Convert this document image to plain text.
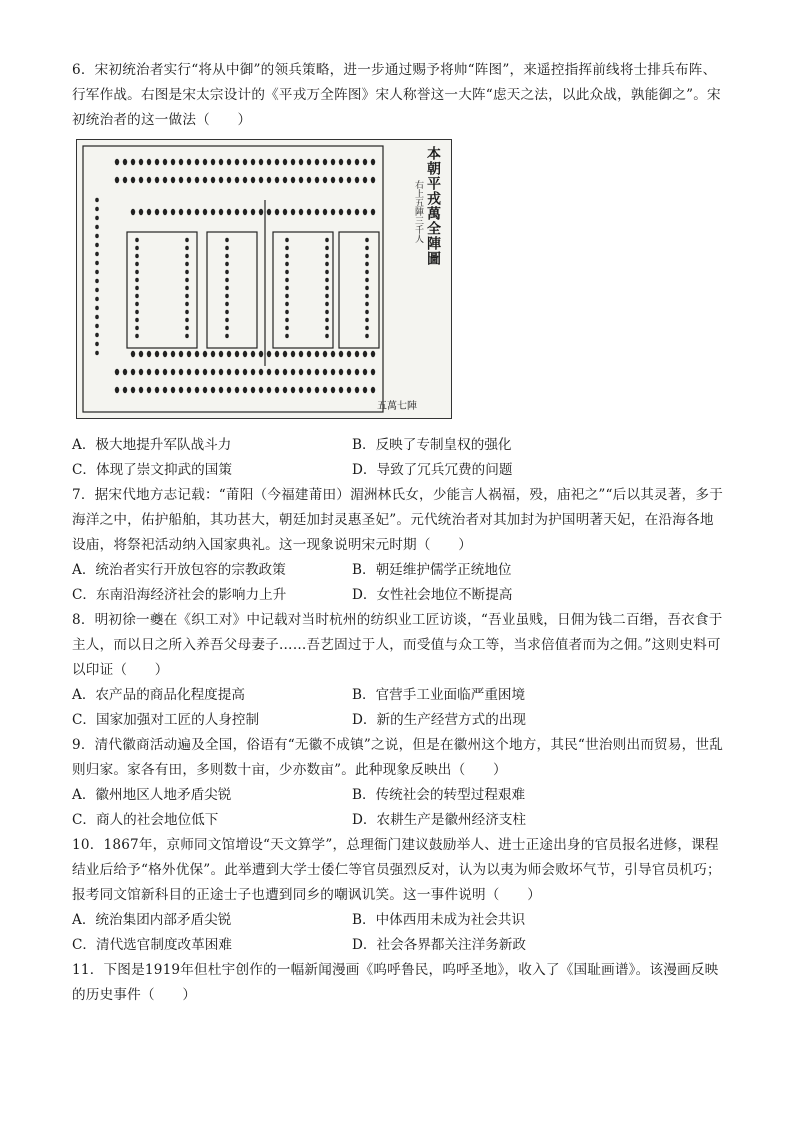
6．宋初统治者实行“将从中御”的领兵策略，进一步通过赐予将帅“阵图”，来遥控指挥前线将士排兵布阵、行军作战。右图是宋太宗设计的《平戎万全阵图》宋人称誉这一大阵“虑天之法，以此众战，孰能御之”。宋初统治者的这一做法（　　）

本朝平戎萬全陣圖
右上五陣三千人
五萬七陣
A．极大地提升军队战斗力	B．反映了专制皇权的强化
C．体现了崇文抑武的国策	D．导致了冗兵冗费的问题

7．据宋代地方志记载：“莆阳（今福建莆田）湄洲林氏女，少能言人祸福，殁，庙祀之”“后以其灵著，多于海洋之中，佑护船舶，其功甚大，朝廷加封灵惠圣妃”。元代统治者对其加封为护国明著天妃，在沿海各地设庙，将祭祀活动纳入国家典礼。这一现象说明宋元时期（　　）

A．统治者实行开放包容的宗教政策	B．朝廷维护儒学正统地位
C．东南沿海经济社会的影响力上升	D．女性社会地位不断提高

8．明初徐一夔在《织工对》中记载对当时杭州的纺织业工匠访谈，“吾业虽贱，日佣为钱二百缗，吾衣食于主人，而以日之所入养吾父母妻子……吾艺固过于人，而受值与众工等，当求倍值者而为之佣。”这则史料可以印证（　　）

A．农产品的商品化程度提高	B．官营手工业面临严重困境
C．国家加强对工匠的人身控制	D．新的生产经营方式的出现

9．清代徽商活动遍及全国，俗语有“无徽不成镇”之说，但是在徽州这个地方，其民“世治则出而贸易，世乱则归家。家各有田，多则数十亩，少亦数亩”。此种现象反映出（　　）

A．徽州地区人地矛盾尖锐	B．传统社会的转型过程艰难
C．商人的社会地位低下	D．农耕生产是徽州经济支柱

10．1867年，京师同文馆增设“天文算学”，总理衙门建议鼓励举人、进士正途出身的官员报名进修，课程结业后给予“格外优保”。此举遭到大学士倭仁等官员强烈反对，认为以夷为师会败坏气节，引导官员机巧；报考同文馆新科目的正途士子也遭到同乡的嘲讽讥笑。这一事件说明（　　）

A．统治集团内部矛盾尖锐	B．中体西用未成为社会共识
C．清代选官制度改革困难	D．社会各界都关注洋务新政

11．下图是1919年但杜宇创作的一幅新闻漫画《呜呼鲁民，呜呼圣地》，收入了《国耻画谱》。该漫画反映的历史事件（　　）
